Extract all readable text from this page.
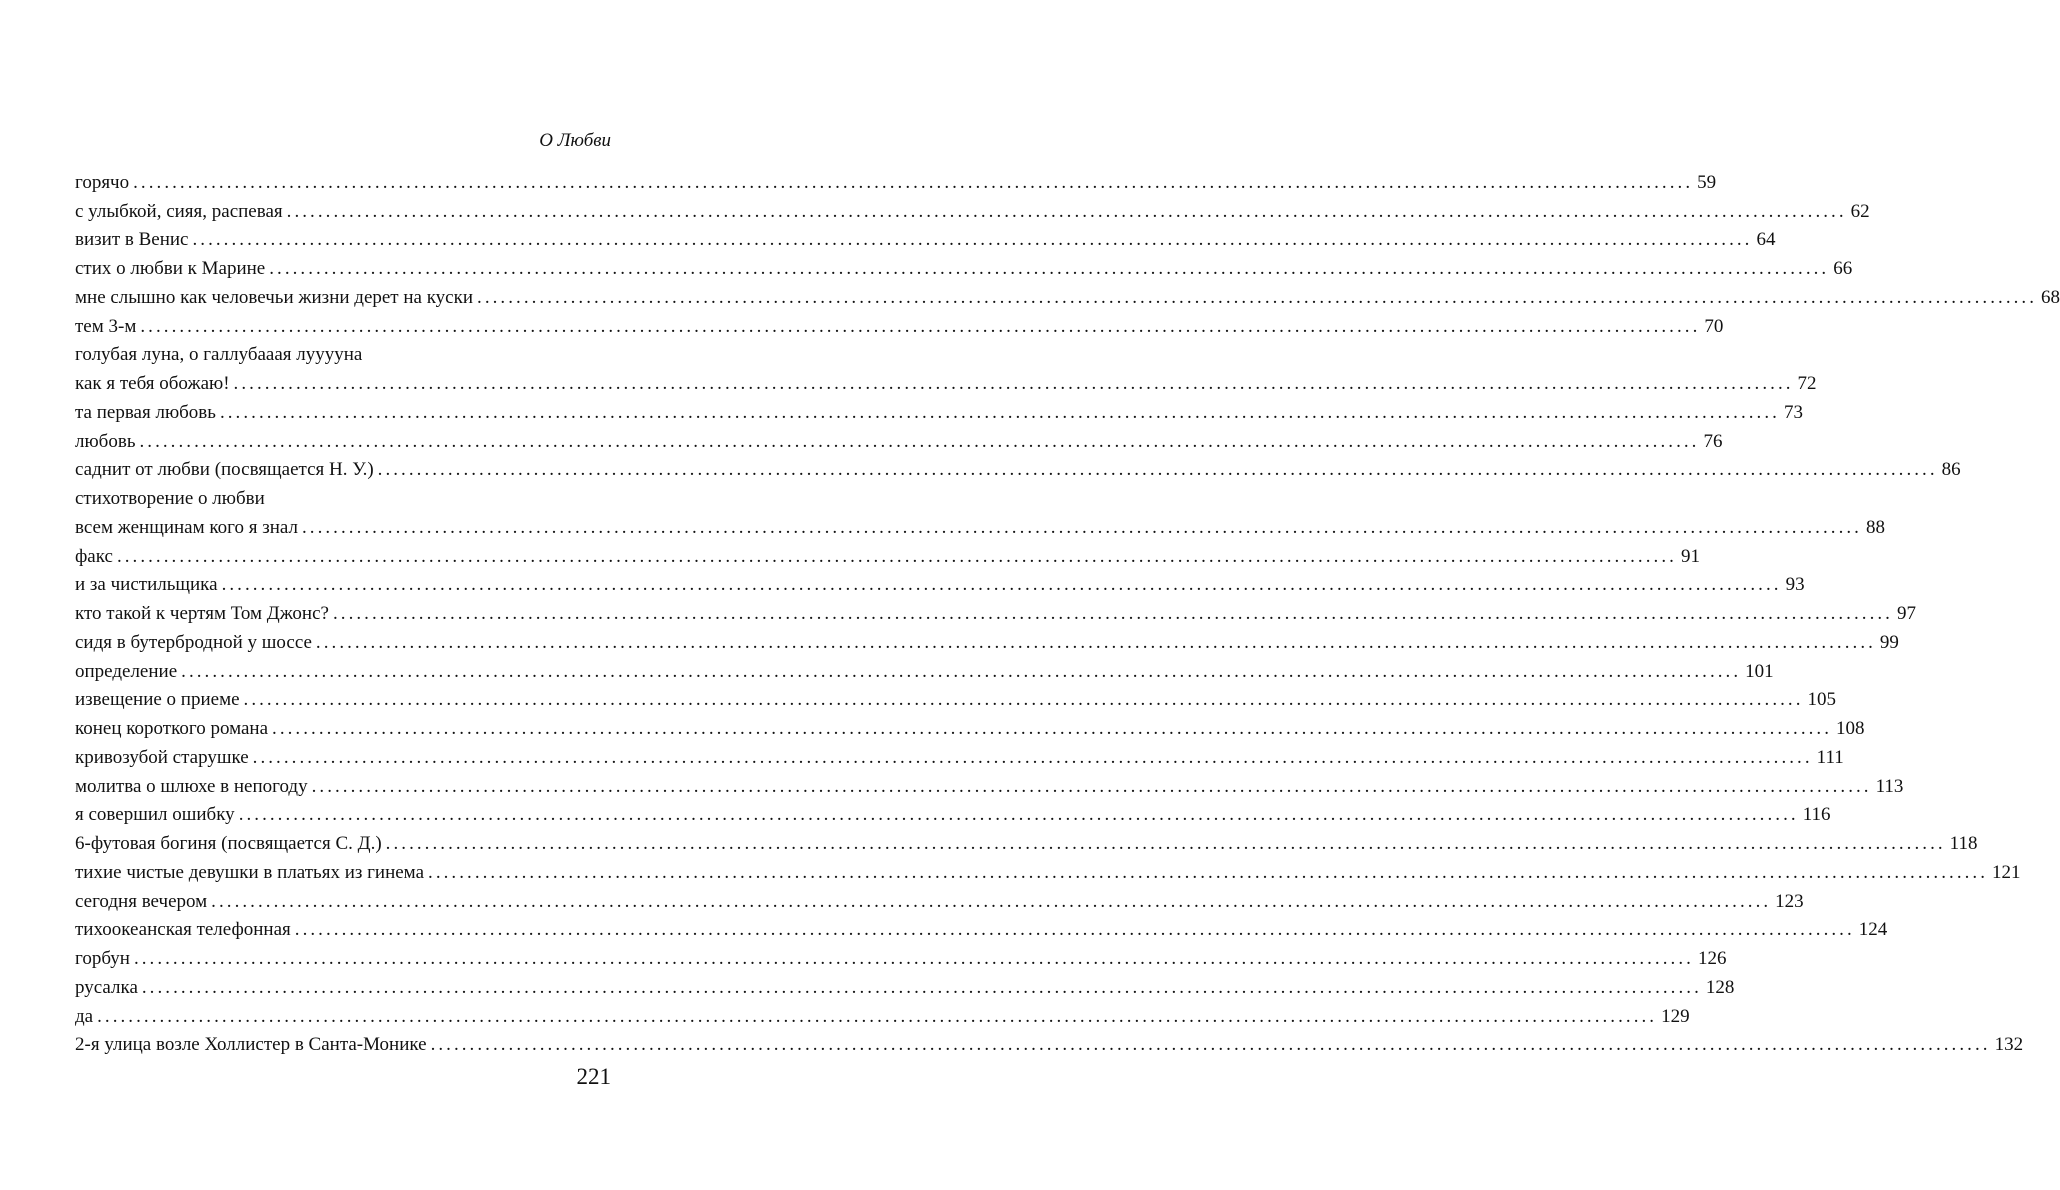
О Любви
горячо ........................................................................................................................................................................................................ 59
с улыбкой, сияя, распевая ........................................................................................................................................................................................................ 62
визит в Венис ........................................................................................................................................................................................................ 64
стих о любви к Марине ........................................................................................................................................................................................................ 66
мне слышно как человечьи жизни дерет на куски ........................................................................................................................................................................................................ 68
тем 3-м ........................................................................................................................................................................................................ 70
голубая луна, о галлубааая лууууна
как я тебя обожаю! ........................................................................................................................................................................................................ 72
та первая любовь ........................................................................................................................................................................................................ 73
любовь ........................................................................................................................................................................................................ 76
саднит от любви (посвящается Н. У.) ........................................................................................................................................................................................................ 86
стихотворение о любви
всем женщинам кого я знал ........................................................................................................................................................................................................ 88
факс ........................................................................................................................................................................................................ 91
и за чистильщика ........................................................................................................................................................................................................ 93
кто такой к чертям Том Джонс? ........................................................................................................................................................................................................ 97
сидя в бутербродной у шоссе ........................................................................................................................................................................................................ 99
определение ........................................................................................................................................................................................................ 101
извещение о приеме ........................................................................................................................................................................................................ 105
конец короткого романа ........................................................................................................................................................................................................ 108
кривозубой старушке ........................................................................................................................................................................................................ 111
молитва о шлюхе в непогоду ........................................................................................................................................................................................................ 113
я совершил ошибку ........................................................................................................................................................................................................ 116
6-футовая богиня (посвящается С. Д.) ........................................................................................................................................................................................................ 118
тихие чистые девушки в платьях из гинема ........................................................................................................................................................................................................ 121
сегодня вечером ........................................................................................................................................................................................................ 123
тихоокеанская телефонная ........................................................................................................................................................................................................ 124
горбун ........................................................................................................................................................................................................ 126
русалка ........................................................................................................................................................................................................ 128
да ........................................................................................................................................................................................................ 129
2-я улица возле Холлистер в Санта-Монике ........................................................................................................................................................................................................ 132
221
